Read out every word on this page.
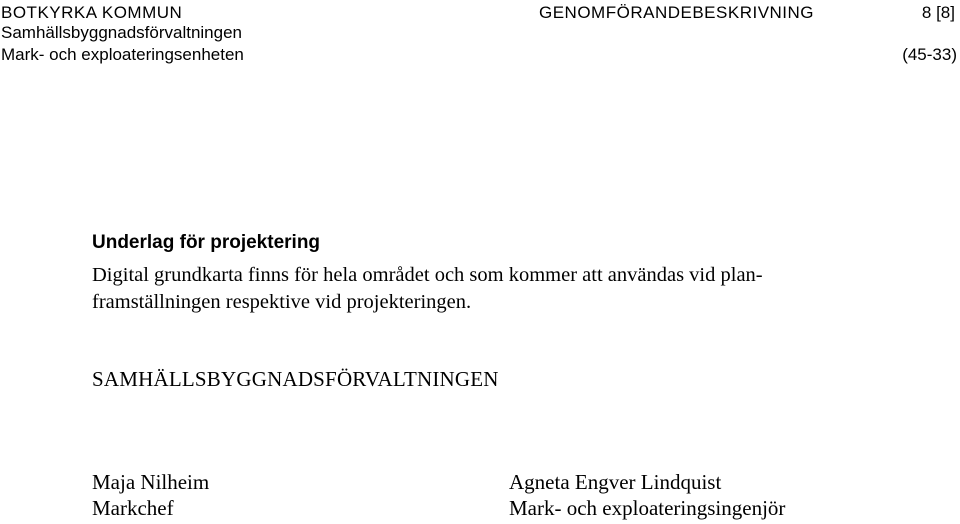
BOTKYRKA KOMMUN
Samhällsbyggnadsförvaltningen
Mark- och exploateringsenheten
GENOMFÖRANDEBESKRIVNING	8 [8]
(45-33)
Underlag för projektering
Digital grundkarta finns för hela området och som kommer att användas vid plan-
framställningen respektive vid projekteringen.
SAMHÄLLSBYGGNADSFÖRVALTNINGEN
Maja Nilheim
Markchef
Agneta Engver Lindquist
Mark- och exploateringsingenjör
